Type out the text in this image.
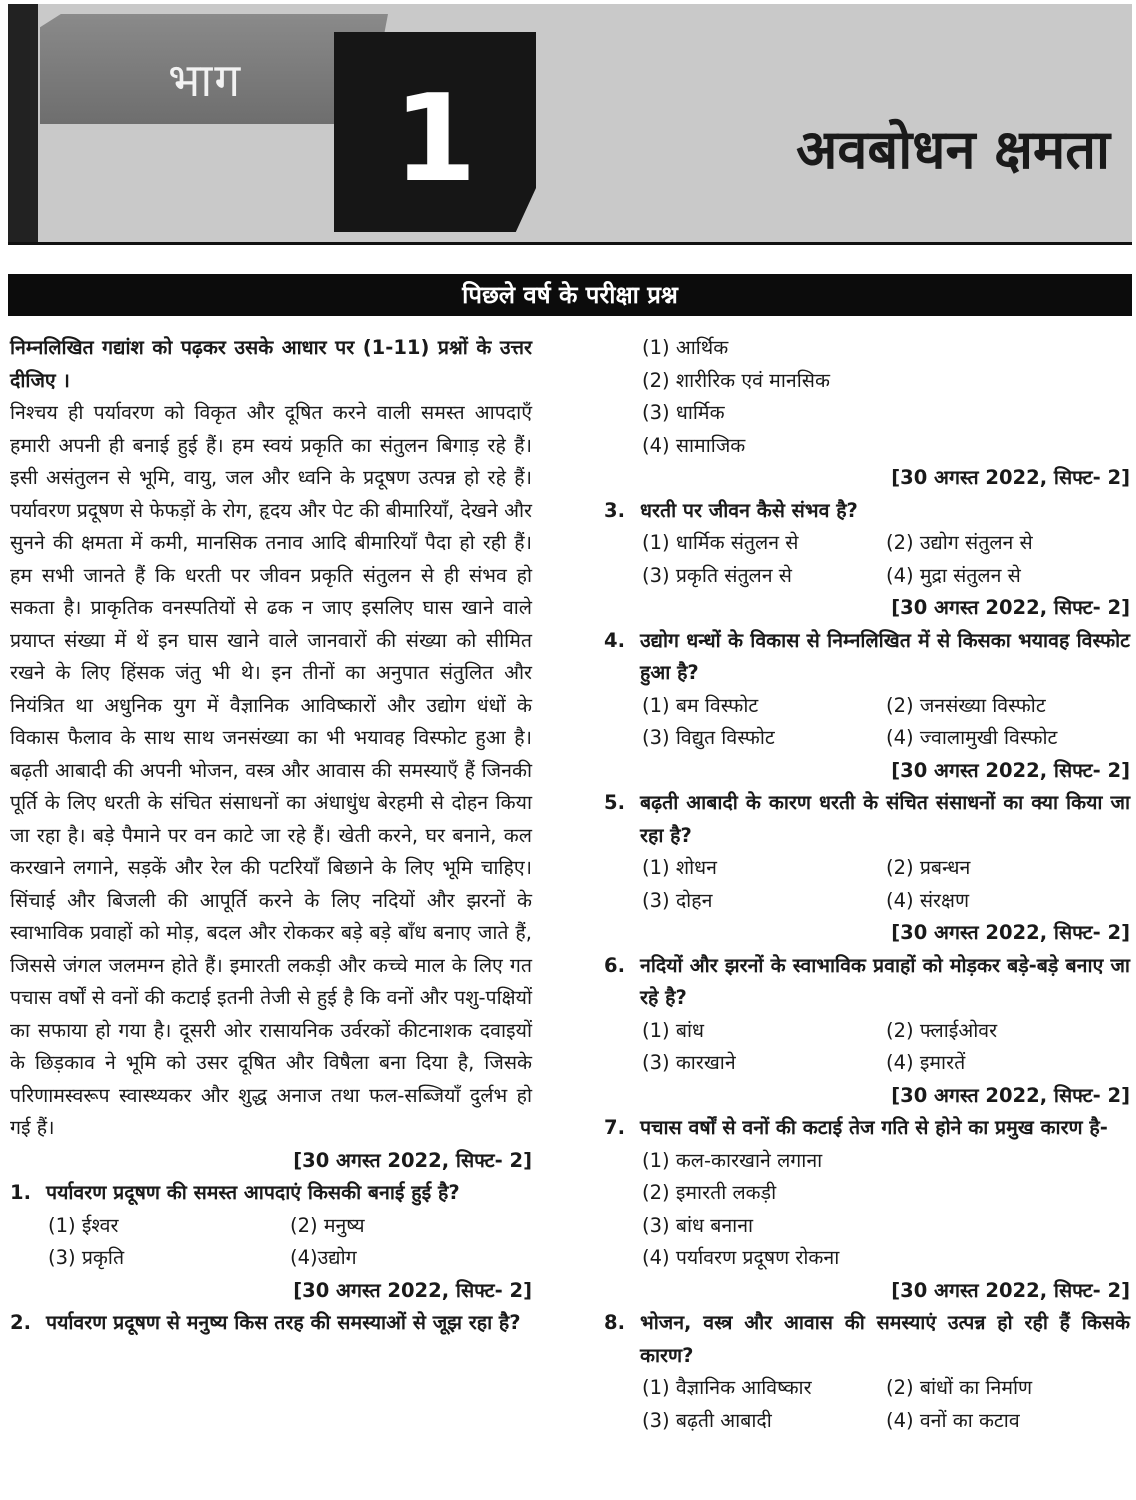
भाग	1	अवबोधन क्षमता
पिछले वर्ष के परीक्षा प्रश्न
निम्नलिखित गद्यांश को पढ़कर उसके आधार पर (1-11) प्रश्नों के उत्तर दीजिए ।
निश्चय ही पर्यावरण को विकृत और दूषित करने वाली समस्त आपदाएँ हमारी अपनी ही बनाई हुई हैं। हम स्वयं प्रकृति का संतुलन बिगाड़ रहे हैं। इसी असंतुलन से भूमि, वायु, जल और ध्वनि के प्रदूषण उत्पन्न हो रहे हैं। पर्यावरण प्रदूषण से फेफड़ों के रोग, हृदय और पेट की बीमारियाँ, देखने और सुनने की क्षमता में कमी, मानसिक तनाव आदि बीमारियाँ पैदा हो रही हैं। हम सभी जानते हैं कि धरती पर जीवन प्रकृति संतुलन से ही संभव हो सकता है। प्राकृतिक वनस्पतियों से ढक न जाए इसलिए घास खाने वाले प्रयाप्त संख्या में थें इन घास खाने वाले जानवारों की संख्या को सीमित रखने के लिए हिंसक जंतु भी थे। इन तीनों का अनुपात संतुलित और नियंत्रित था अधुनिक युग में वैज्ञानिक आविष्कारों और उद्योग धंधों के विकास फैलाव के साथ साथ जनसंख्या का भी भयावह विस्फोट हुआ है। बढ़ती आबादी की अपनी भोजन, वस्त्र और आवास की समस्याएँ हैं जिनकी पूर्ति के लिए धरती के संचित संसाधनों का अंधाधुंध बेरहमी से दोहन किया जा रहा है। बड़े पैमाने पर वन काटे जा रहे हैं। खेती करने, घर बनाने, कल करखाने लगाने, सड़कें और रेल की पटरियाँ बिछाने के लिए भूमि चाहिए। सिंचाई और बिजली की आपूर्ति करने के लिए नदियों और झरनों के स्वाभाविक प्रवाहों को मोड़, बदल और रोककर बड़े बड़े बाँध बनाए जाते हैं, जिससे जंगल जलमग्न होते हैं। इमारती लकड़ी और कच्चे माल के लिए गत पचास वर्षों से वनों की कटाई इतनी तेजी से हुई है कि वनों और पशु-पक्षियों का सफाया हो गया है। दूसरी ओर रासायनिक उर्वरकों कीटनाशक दवाइयों के छिड़काव ने भूमि को उसर दूषित और विषैला बना दिया है, जिसके परिणामस्वरूप स्वास्थ्यकर और शुद्ध अनाज तथा फल-सब्जियाँ दुर्लभ हो गई हैं।
[30 अगस्त 2022, सिफ्ट- 2]
1. पर्यावरण प्रदूषण की समस्त आपदाएं किसकी बनाई हुई है?
(1) ईश्वर	(2) मनुष्य
(3) प्रकृति	(4)उद्योग
[30 अगस्त 2022, सिफ्ट- 2]
2. पर्यावरण प्रदूषण से मनुष्य किस तरह की समस्याओं से जूझ रहा है?
(1) आर्थिक
(2) शारीरिक एवं मानसिक
(3) धार्मिक
(4) सामाजिक
[30 अगस्त 2022, सिफ्ट- 2]
3. धरती पर जीवन कैसे संभव है?
(1) धार्मिक संतुलन से	(2) उद्योग संतुलन से
(3) प्रकृति संतुलन से	(4) मुद्रा संतुलन से
[30 अगस्त 2022, सिफ्ट- 2]
4. उद्योग धन्धों के विकास से निम्नलिखित में से किसका भयावह विस्फोट हुआ है?
(1) बम विस्फोट	(2) जनसंख्या विस्फोट
(3) विद्युत विस्फोट	(4) ज्वालामुखी विस्फोट
[30 अगस्त 2022, सिफ्ट- 2]
5. बढ़ती आबादी के कारण धरती के संचित संसाधनों का क्या किया जा रहा है?
(1) शोधन	(2) प्रबन्धन
(3) दोहन	(4) संरक्षण
[30 अगस्त 2022, सिफ्ट- 2]
6. नदियों और झरनों के स्वाभाविक प्रवाहों को मोड़कर बड़े-बड़े बनाए जा रहे है?
(1) बांध	(2) फ्लाईओवर
(3) कारखाने	(4) इमारतें
[30 अगस्त 2022, सिफ्ट- 2]
7. पचास वर्षों से वनों की कटाई तेज गति से होने का प्रमुख कारण है-
(1) कल-कारखाने लगाना
(2) इमारती लकड़ी
(3) बांध बनाना
(4) पर्यावरण प्रदूषण रोकना
[30 अगस्त 2022, सिफ्ट- 2]
8. भोजन, वस्त्र और आवास की समस्याएं उत्पन्न हो रही हैं किसके कारण?
(1) वैज्ञानिक आविष्कार	(2) बांधों का निर्माण
(3) बढ़ती आबादी	(4) वनों का कटाव
